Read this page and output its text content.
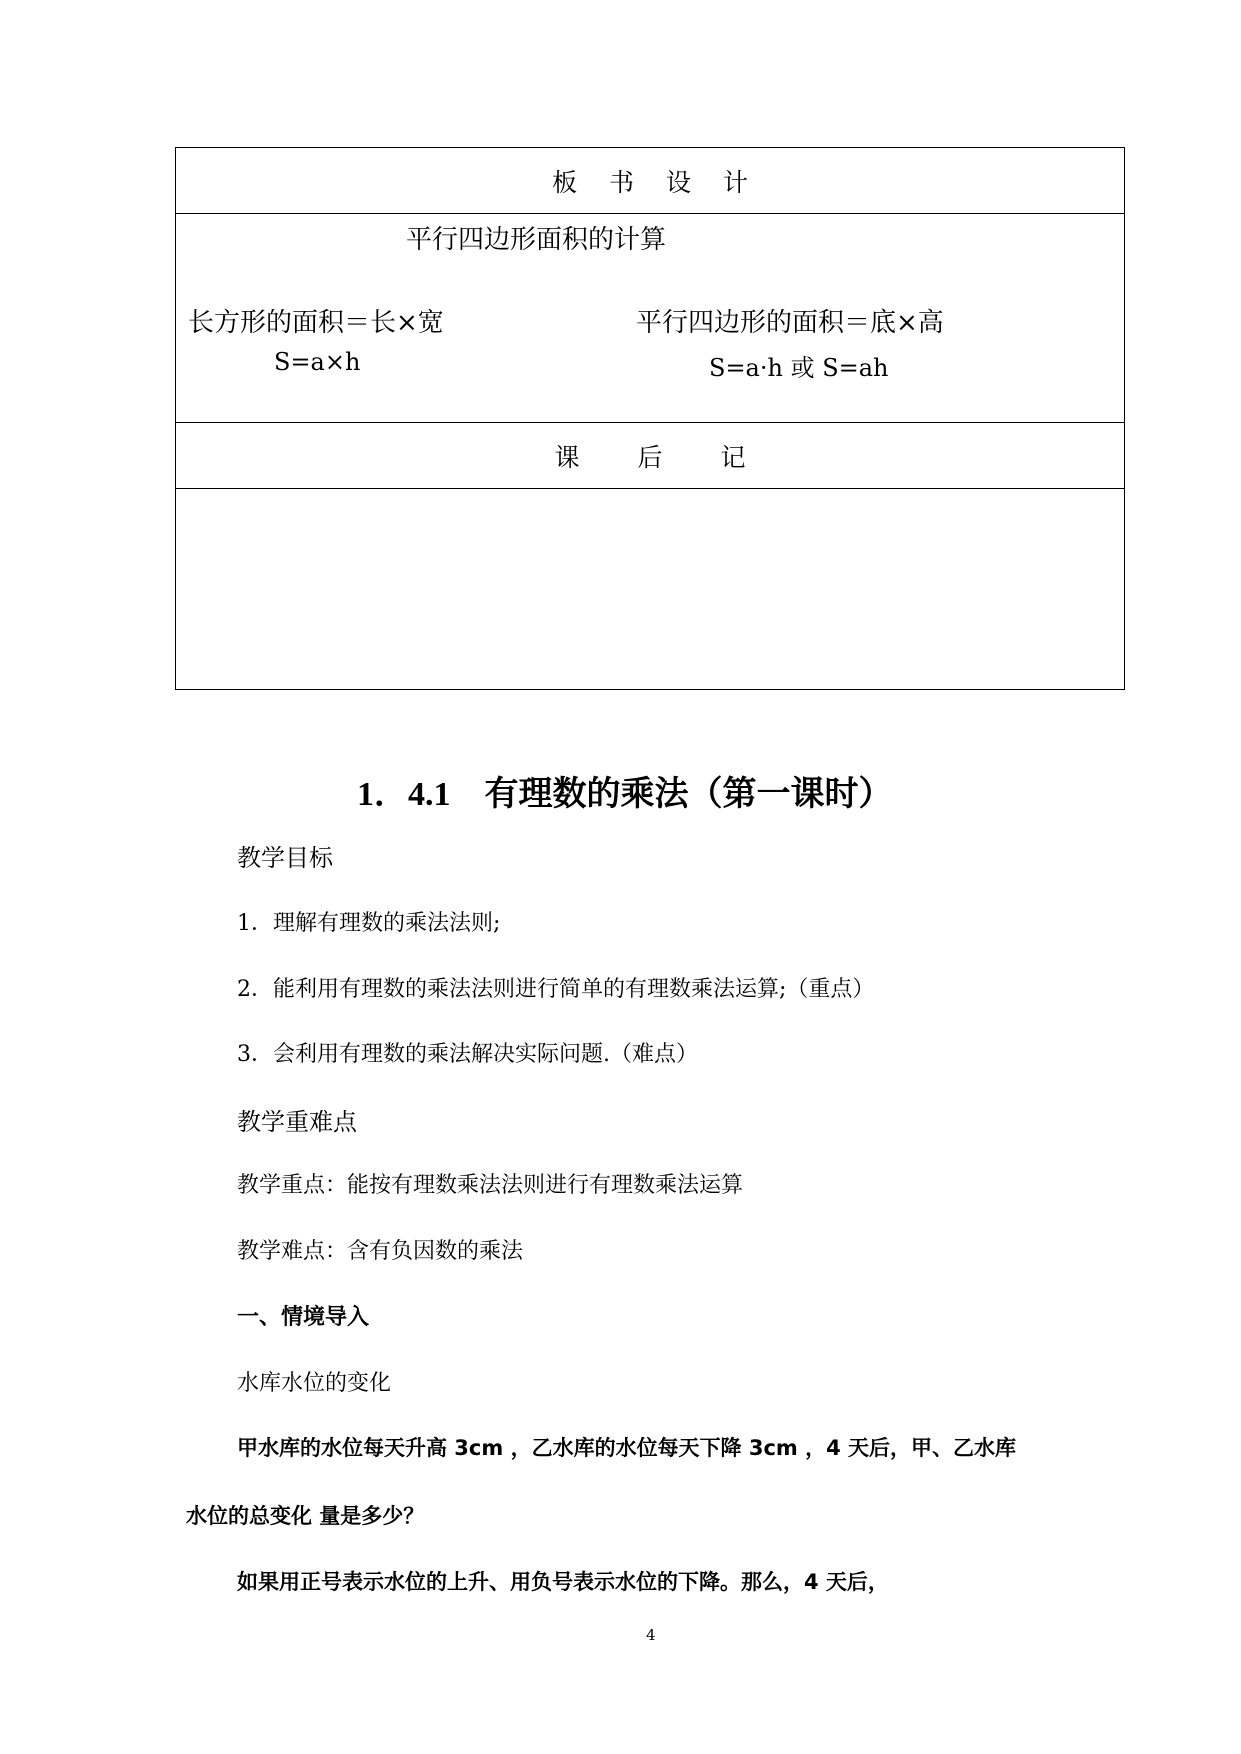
板 书 设 计
平行四边形面积的计算
长方形的面积＝长×宽
S=a×h
平行四边形的面积＝底×高
S=a·h 或 S=ah
课 后 记
1．4.1　有理数的乘法（第一课时）
教学目标
1．理解有理数的乘法法则;
2．能利用有理数的乘法法则进行简单的有理数乘法运算;（重点）
3．会利用有理数的乘法解决实际问题.（难点）
教学重难点
教学重点：能按有理数乘法法则进行有理数乘法运算
教学难点：含有负因数的乘法
一、情境导入
水库水位的变化
甲水库的水位每天升高 3cm ，乙水库的水位每天下降 3cm ，4 天后，甲、乙水库
水位的总变化 量是多少？
如果用正号表示水位的上升、用负号表示水位的下降。那么，4 天后，
4
